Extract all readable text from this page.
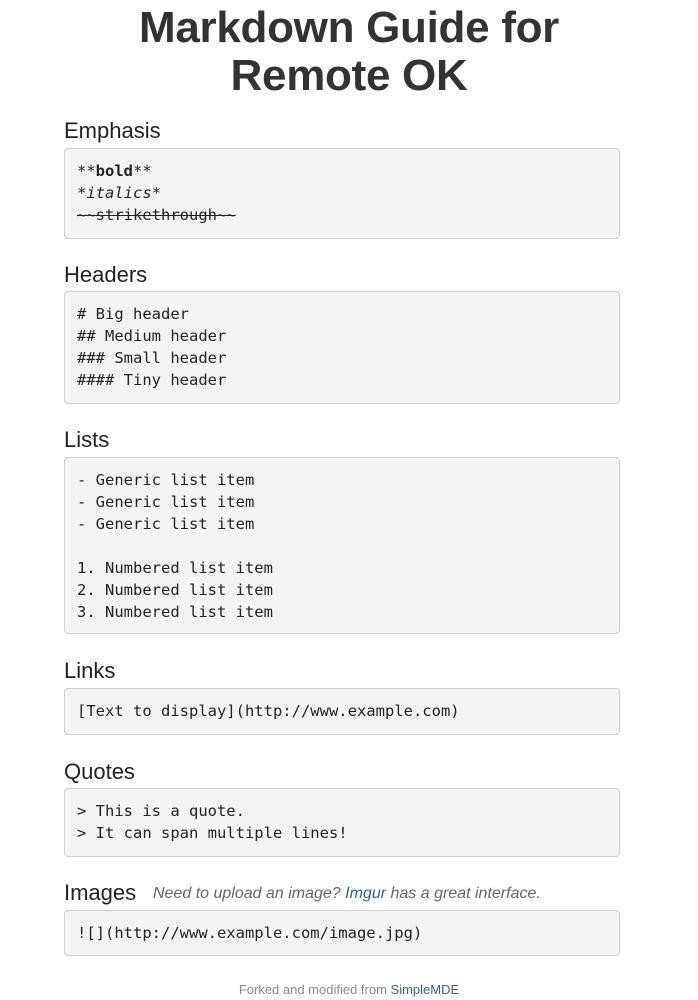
Markdown Guide for
Remote OK
Emphasis
**bold**
*italics*
~~strikethrough~~
Headers
# Big header
## Medium header
### Small header
#### Tiny header
Lists
- Generic list item
- Generic list item
- Generic list item
1. Numbered list item
2. Numbered list item
3. Numbered list item
Links
[Text to display](http://www.example.com)
Quotes
> This is a quote.
> It can span multiple lines!
Images Need to upload an image? Imgur has a great interface.
![](http://www.example.com/image.jpg)
Forked and modified from SimpleMDE
